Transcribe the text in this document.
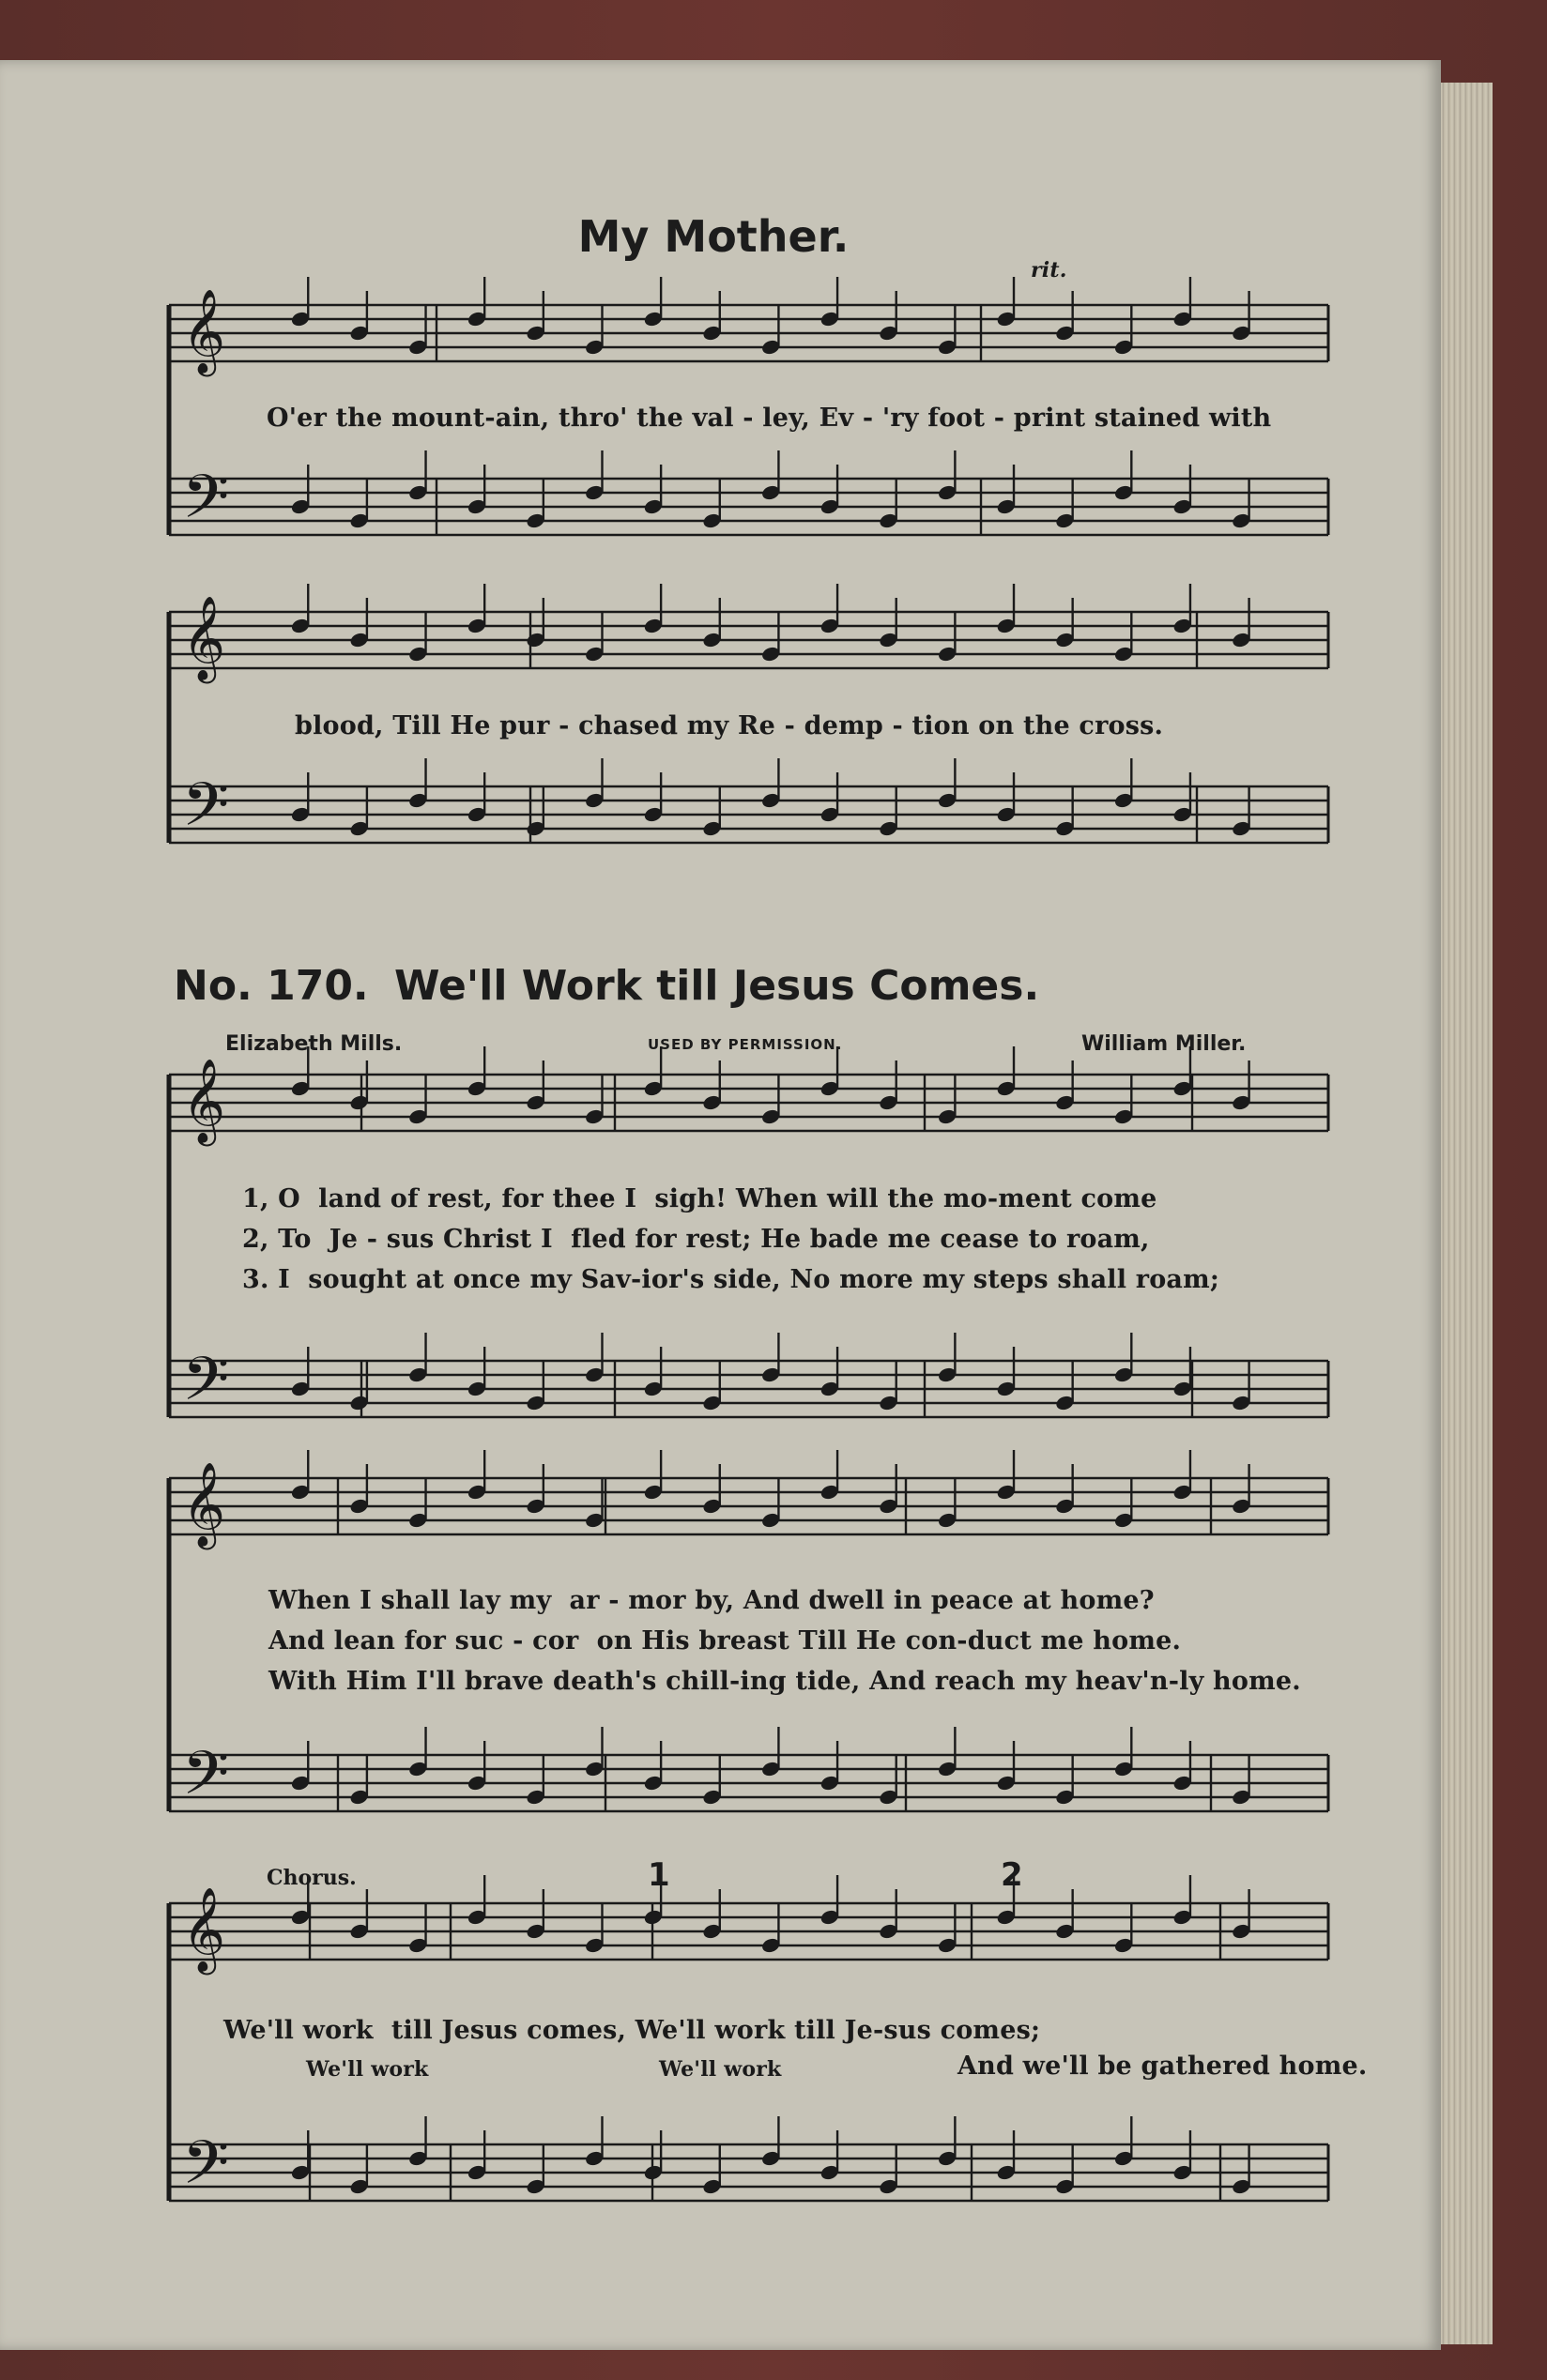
𝄞
𝄢
𝄞
𝄢
𝄞
𝄢
𝄞
𝄢
𝄞
𝄢
My Mother.
O'er the mount-ain, thro' the val - ley, Ev - 'ry foot - print stained with
blood, Till He pur - chased my Re - demp - tion on the cross.
rit.
No. 170. We'll Work till Jesus Comes.
Elizabeth Mills.	USED BY PERMISSION.	William Miller.
1, O  land of rest, for thee I  sigh! When will the mo-ment come
2, To  Je - sus Christ I  fled for rest; He bade me cease to roam,
3. I  sought at once my Sav-ior's side, No more my steps shall roam;
When I shall lay my  ar - mor by, And dwell in peace at home?
And lean for suc - cor  on His breast Till He con-duct me home.
With Him I'll brave death's chill-ing tide, And reach my heav'n-ly home.
Chorus.	1	2
We'll work  till Jesus comes, We'll work till Je-sus comes;
We'll work	We'll work	And we'll be gathered home.
